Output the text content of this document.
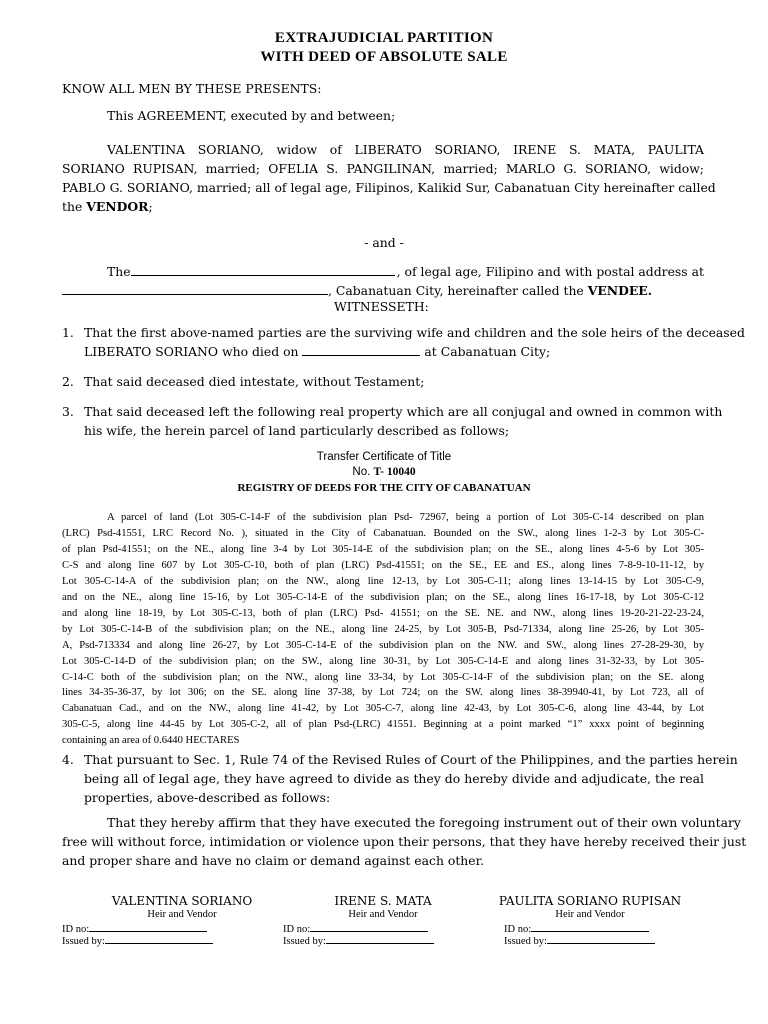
EXTRAJUDICIAL PARTITION
WITH DEED OF ABSOLUTE SALE
KNOW ALL MEN BY THESE PRESENTS:
This AGREEMENT, executed by and between;
VALENTINA SORIANO, widow of LIBERATO SORIANO, IRENE S. MATA, PAULITA
SORIANO RUPISAN, married; OFELIA S. PANGILINAN, married; MARLO G. SORIANO, widow;
PABLO G. SORIANO, married; all of legal age, Filipinos, Kalikid Sur, Cabanatuan City hereinafter called
the VENDOR;
- and -
The	, of legal age, Filipino and with postal address at
, Cabanatuan City, hereinafter called the VENDEE.
WITNESSETH:
1. That the first above-named parties are the surviving wife and children and the sole heirs of the deceased
LIBERATO SORIANO who died on	at Cabanatuan City;
2. That said deceased died intestate, without Testament;
3. That said deceased left the following real property which are all conjugal and owned in common with
his wife, the herein parcel of land particularly described as follows;
Transfer Certificate of Title
No. T- 10040
REGISTRY OF DEEDS FOR THE CITY OF CABANATUAN
A parcel of land (Lot 305-C-14-F of the subdivision plan Psd- 72967, being a portion of Lot 305-C-14 described on plan
(LRC) Psd-41551, LRC Record No. ), situated in the City of Cabanatuan. Bounded on the SW., along lines 1-2-3 by Lot 305-C-
of plan Psd-41551; on the NE., along line 3-4 by Lot 305-14-E of the subdivision plan; on the SE., along lines 4-5-6 by Lot 305-
C-S and along line 607 by Lot 305-C-10, both of plan (LRC) Psd-41551; on the SE., EE and ES., along lines 7-8-9-10-11-12, by
Lot 305-C-14-A of the subdivision plan; on the NW., along line 12-13, by Lot 305-C-11; along lines 13-14-15 by Lot 305-C-9,
and on the NE., along line 15-16, by Lot 305-C-14-E of the subdivision plan; on the SE., along lines 16-17-18, by Lot 305-C-12
and along line 18-19, by Lot 305-C-13, both of plan (LRC) Psd- 41551; on the SE. NE. and NW., along lines 19-20-21-22-23-24,
by Lot 305-C-14-B of the subdivision plan; on the NE., along line 24-25, by Lot 305-B, Psd-71334, along line 25-26, by Lot 305-
A, Psd-713334 and along line 26-27, by Lot 305-C-14-E of the subdivision plan on the NW. and SW., along lines 27-28-29-30, by
Lot 305-C-14-D of the subdivision plan; on the SW., along line 30-31, by Lot 305-C-14-E and along lines 31-32-33, by Lot 305-
C-14-C both of the subdivision plan; on the NW., along line 33-34, by Lot 305-C-14-F of the subdivision plan; on the SE. along
lines 34-35-36-37, by lot 306; on the SE. along line 37-38, by Lot 724; on the SW. along lines 38-39940-41, by Lot 723, all of
Cabanatuan Cad., and on the NW., along line 41-42, by Lot 305-C-7, along line 42-43, by Lot 305-C-6, along line 43-44, by Lot
305-C-5, along line 44-45 by Lot 305-C-2, all of plan Psd-(LRC) 41551. Beginning at a point marked “1” xxxx point of beginning
containing an area of 0.6440 HECTARES
4. That pursuant to Sec. 1, Rule 74 of the Revised Rules of Court of the Philippines, and the parties herein
being all of legal age, they have agreed to divide as they do hereby divide and adjudicate, the real
properties, above-described as follows:
That they hereby affirm that they have executed the foregoing instrument out of their own voluntary
free will without force, intimidation or violence upon their persons, that they have hereby received their just
and proper share and have no claim or demand against each other.
VALENTINA SORIANO
Heir and Vendor
ID no:
Issued by:
IRENE S. MATA
Heir and Vendor
ID no:
Issued by:
PAULITA SORIANO RUPISAN
Heir and Vendor
ID no:
Issued by:
